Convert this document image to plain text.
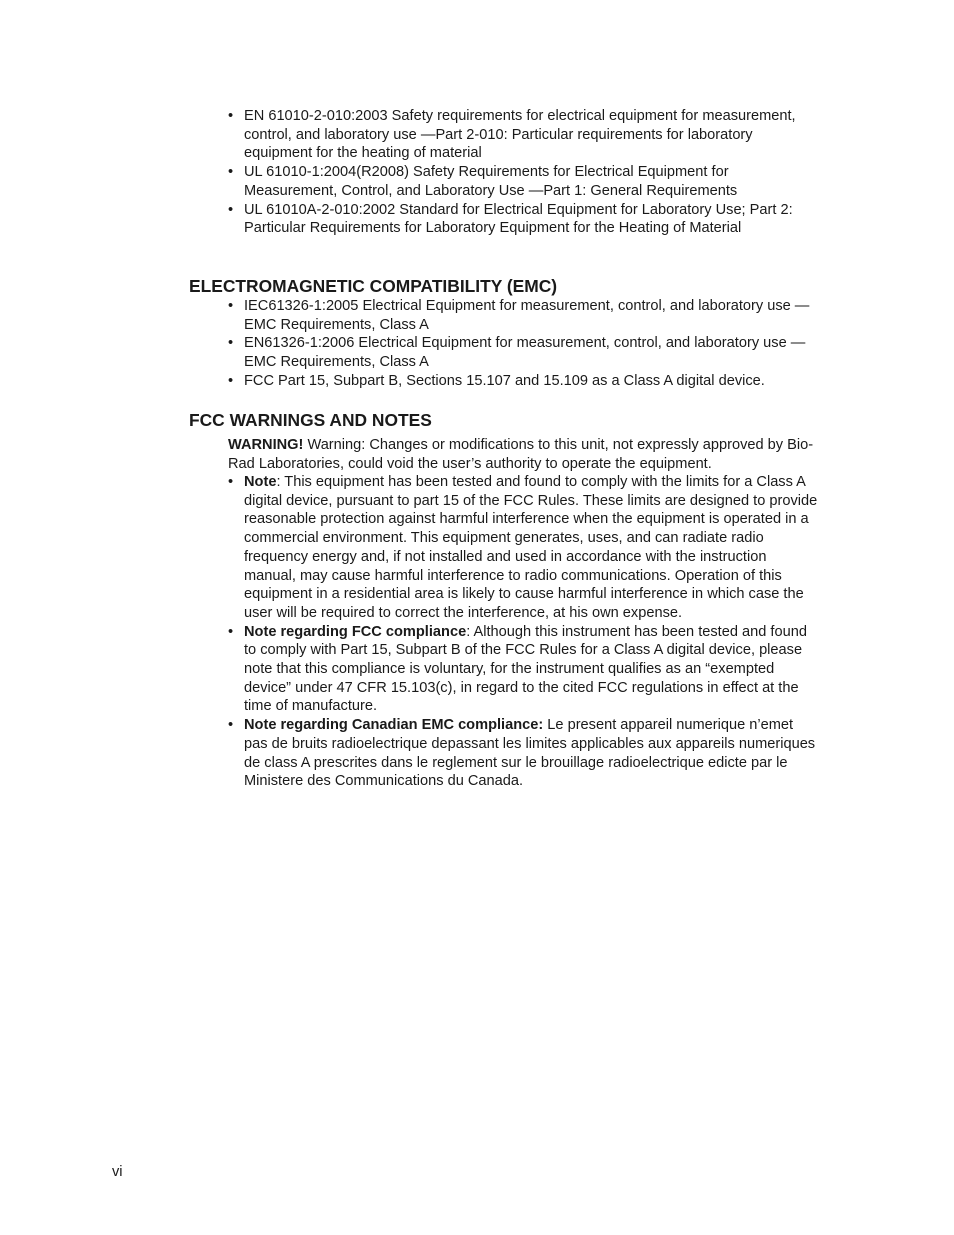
• EN 61010-2-010:2003 Safety requirements for electrical equipment for measurement, control, and laboratory use —Part 2-010: Particular requirements for laboratory equipment for the heating of material
• UL 61010-1:2004(R2008) Safety Requirements for Electrical Equipment for Measurement, Control, and Laboratory Use —Part 1: General Requirements
• UL 61010A-2-010:2002 Standard for Electrical Equipment for Laboratory Use; Part 2: Particular Requirements for Laboratory Equipment for the Heating of Material
ELECTROMAGNETIC COMPATIBILITY (EMC)
• IEC61326-1:2005 Electrical Equipment for measurement, control, and laboratory use —EMC Requirements, Class A
• EN61326-1:2006 Electrical Equipment for measurement, control, and laboratory use —EMC Requirements, Class A
• FCC Part 15, Subpart B, Sections 15.107 and 15.109 as a Class A digital device.
FCC WARNINGS AND NOTES

WARNING! Warning: Changes or modifications to this unit, not expressly approved by Bio-Rad Laboratories, could void the user’s authority to operate the equipment.

• Note: This equipment has been tested and found to comply with the limits for a Class A digital device, pursuant to part 15 of the FCC Rules. These limits are designed to provide reasonable protection against harmful interference when the equipment is operated in a commercial environment. This equipment generates, uses, and can radiate radio frequency energy and, if not installed and used in accordance with the instruction manual, may cause harmful interference to radio communications. Operation of this equipment in a residential area is likely to cause harmful interference in which case the user will be required to correct the interference, at his own expense.
• Note regarding FCC compliance: Although this instrument has been tested and found to comply with Part 15, Subpart B of the FCC Rules for a Class A digital device, please note that this compliance is voluntary, for the instrument qualifies as an “exempted device” under 47 CFR 15.103(c), in regard to the cited FCC regulations in effect at the time of manufacture.
• Note regarding Canadian EMC compliance: Le present appareil numerique n’emet pas de bruits radioelectrique depassant les limites applicables aux appareils numeriques de class A prescrites dans le reglement sur le brouillage radioelectrique edicte par le Ministere des Communications du Canada.
vi
